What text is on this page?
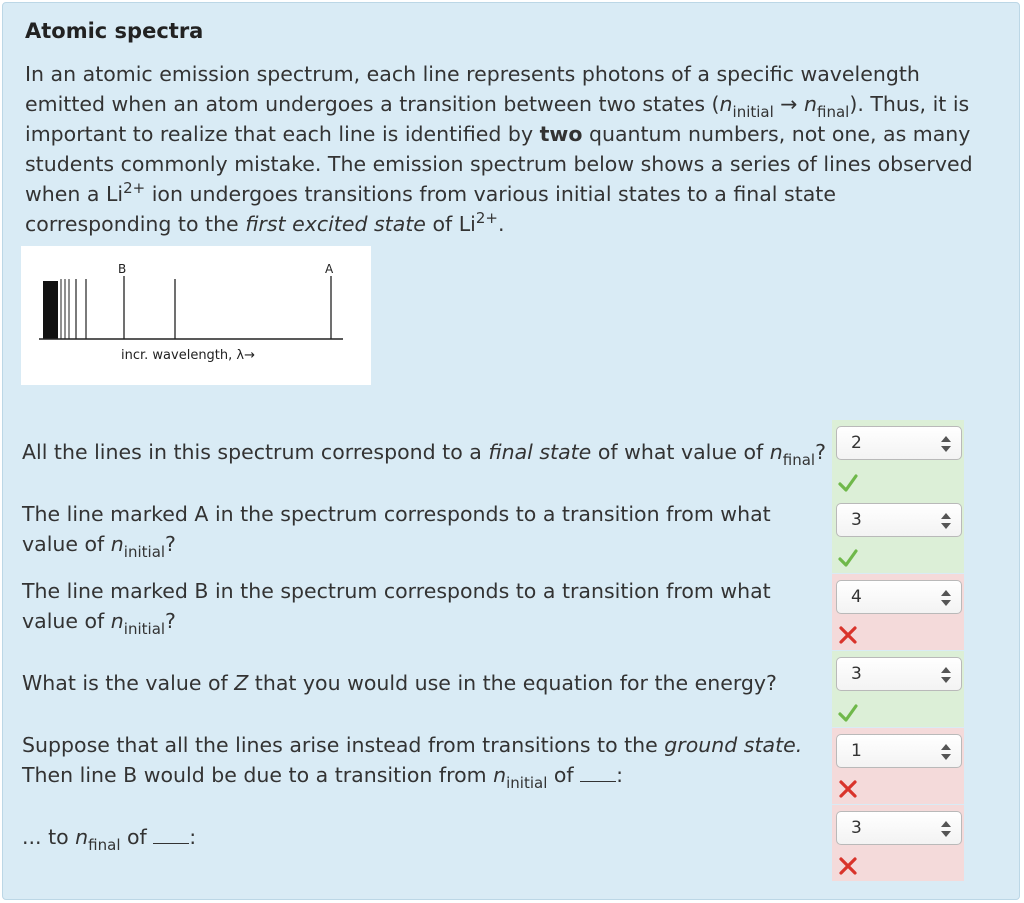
Atomic spectra
In an atomic emission spectrum, each line represents photons of a specific wavelength emitted when an atom undergoes a transition between two states $(n_{initial} \to n_{final})$. Thus, it is important to realize that each line is identified by two quantum numbers, not one, as many students commonly mistake. The emission spectrum below shows a series of lines observed when a $Li^{2+}$ ion undergoes transitions from various initial states to a final state corresponding to the first excited state of $Li^{2+}$.
B	A
incr. wavelength, λ→
All the lines in this spectrum correspond to a final state of what value of $n_{final}$?
The line marked A in the spectrum corresponds to a transition from what value of $n_{initial}$?
The line marked B in the spectrum corresponds to a transition from what value of $n_{initial}$?
What is the value of Z that you would use in the equation for the energy?
Suppose that all the lines arise instead from transitions to the ground state.
Then line B would be due to a transition from $n_{initial}$ of :
... to $n_{final}$ of :
2
3
4
3
1
3
